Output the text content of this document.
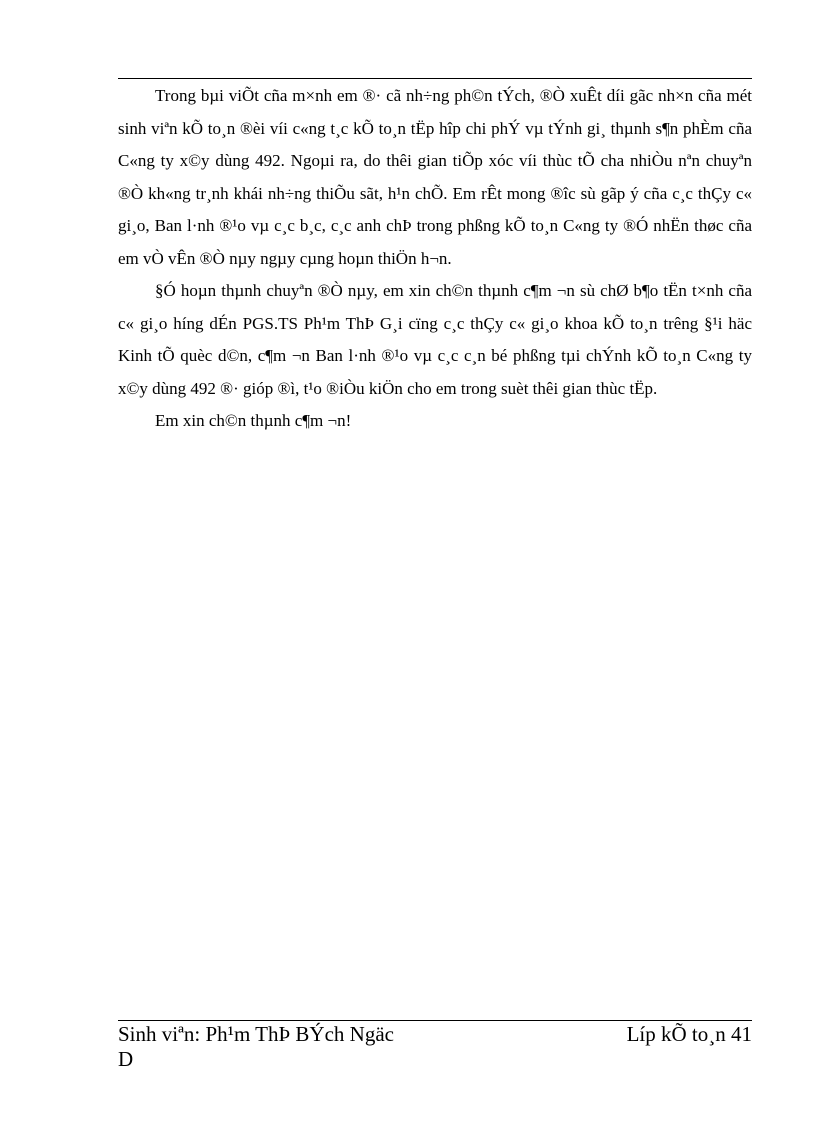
Trong bµi viÕt cña m×nh em ®· cã nh÷ng ph©n tÝch, ®Ò xuÊt díi gãc nh×n cña mét sinh viªn kÕ to¸n ®èi víi c«ng t¸c kÕ to¸n tËp hîp chi phÝ vµ tÝnh gi¸ thµnh s¶n phÈm cña C«ng ty x©y dùng 492. Ngoµi ra, do thêi gian tiÕp xóc víi thùc tÕ cha nhiÒu nªn chuyªn ®Ò kh«ng tr¸nh khái nh÷ng thiÕu sãt, h¹n chÕ. Em rÊt mong ®îc sù gãp ý cña c¸c thÇy c« gi¸o, Ban l·nh ®¹o vµ c¸c b¸c, c¸c anh chÞ trong phßng kÕ to¸n C«ng ty ®Ó nhËn thøc cña em vÒ vÊn ®Ò nµy ngµy cµng hoµn thiÖn h¬n.

§Ó hoµn thµnh chuyªn ®Ò nµy, em xin ch©n thµnh c¶m ¬n sù chØ b¶o tËn t×nh cña c« gi¸o híng dÉn PGS.TS Ph¹m ThÞ G¸i cïng c¸c thÇy c« gi¸o khoa kÕ to¸n trêng §¹i häc Kinh tÕ quèc d©n, c¶m ¬n Ban l·nh ®¹o vµ c¸c c¸n bé phßng tµi chÝnh kÕ to¸n C«ng ty x©y dùng 492 ®· gióp ®ì, t¹o ®iÒu kiÖn cho em trong suèt thêi gian thùc tËp.

Em xin ch©n thµnh c¶m ¬n!

Sinh viªn: Ph¹m ThÞ BÝch Ngäc D
Líp kÕ to¸n 41
